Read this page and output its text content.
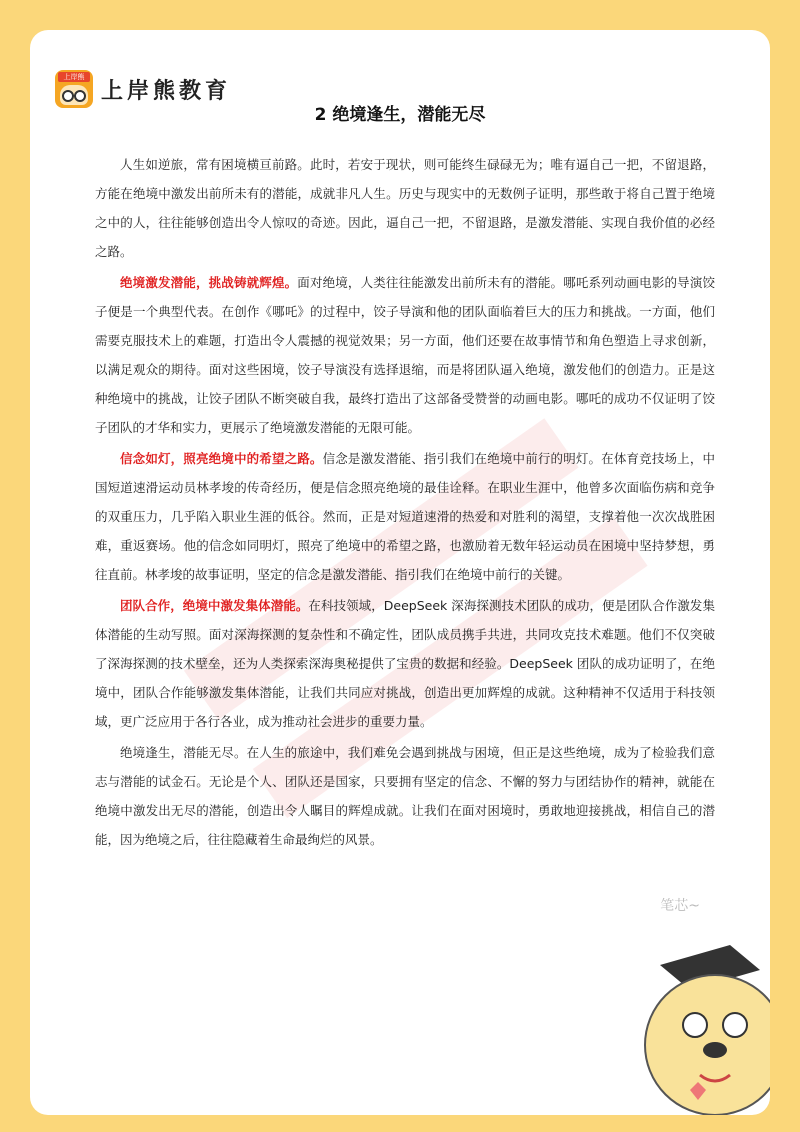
上岸熊
上岸熊教育
2 绝境逢生，潜能无尽

人生如逆旅，常有困境横亘前路。此时，若安于现状，则可能终生碌碌无为；唯有逼自己一把，不留退路，方能在绝境中激发出前所未有的潜能，成就非凡人生。历史与现实中的无数例子证明，那些敢于将自己置于绝境之中的人，往往能够创造出令人惊叹的奇迹。因此，逼自己一把，不留退路，是激发潜能、实现自我价值的必经之路。

绝境激发潜能，挑战铸就辉煌。面对绝境，人类往往能激发出前所未有的潜能。哪吒系列动画电影的导演饺子便是一个典型代表。在创作《哪吒》的过程中，饺子导演和他的团队面临着巨大的压力和挑战。一方面，他们需要克服技术上的难题，打造出令人震撼的视觉效果；另一方面，他们还要在故事情节和角色塑造上寻求创新，以满足观众的期待。面对这些困境，饺子导演没有选择退缩，而是将团队逼入绝境，激发他们的创造力。正是这种绝境中的挑战，让饺子团队不断突破自我，最终打造出了这部备受赞誉的动画电影。哪吒的成功不仅证明了饺子团队的才华和实力，更展示了绝境激发潜能的无限可能。

信念如灯，照亮绝境中的希望之路。信念是激发潜能、指引我们在绝境中前行的明灯。在体育竞技场上，中国短道速滑运动员林孝埈的传奇经历，便是信念照亮绝境的最佳诠释。在职业生涯中，他曾多次面临伤病和竞争的双重压力，几乎陷入职业生涯的低谷。然而，正是对短道速滑的热爱和对胜利的渴望，支撑着他一次次战胜困难，重返赛场。他的信念如同明灯，照亮了绝境中的希望之路，也激励着无数年轻运动员在困境中坚持梦想，勇往直前。林孝埈的故事证明，坚定的信念是激发潜能、指引我们在绝境中前行的关键。

团队合作，绝境中激发集体潜能。在科技领域，DeepSeek 深海探测技术团队的成功，便是团队合作激发集体潜能的生动写照。面对深海探测的复杂性和不确定性，团队成员携手共进，共同攻克技术难题。他们不仅突破了深海探测的技术壁垒，还为人类探索深海奥秘提供了宝贵的数据和经验。DeepSeek 团队的成功证明了，在绝境中，团队合作能够激发集体潜能，让我们共同应对挑战，创造出更加辉煌的成就。这种精神不仅适用于科技领域，更广泛应用于各行各业，成为推动社会进步的重要力量。

绝境逢生，潜能无尽。在人生的旅途中，我们难免会遇到挑战与困境，但正是这些绝境，成为了检验我们意志与潜能的试金石。无论是个人、团队还是国家，只要拥有坚定的信念、不懈的努力与团结协作的精神，就能在绝境中激发出无尽的潜能，创造出令人瞩目的辉煌成就。让我们在面对困境时，勇敢地迎接挑战，相信自己的潜能，因为绝境之后，往往隐藏着生命最绚烂的风景。

笔芯~
